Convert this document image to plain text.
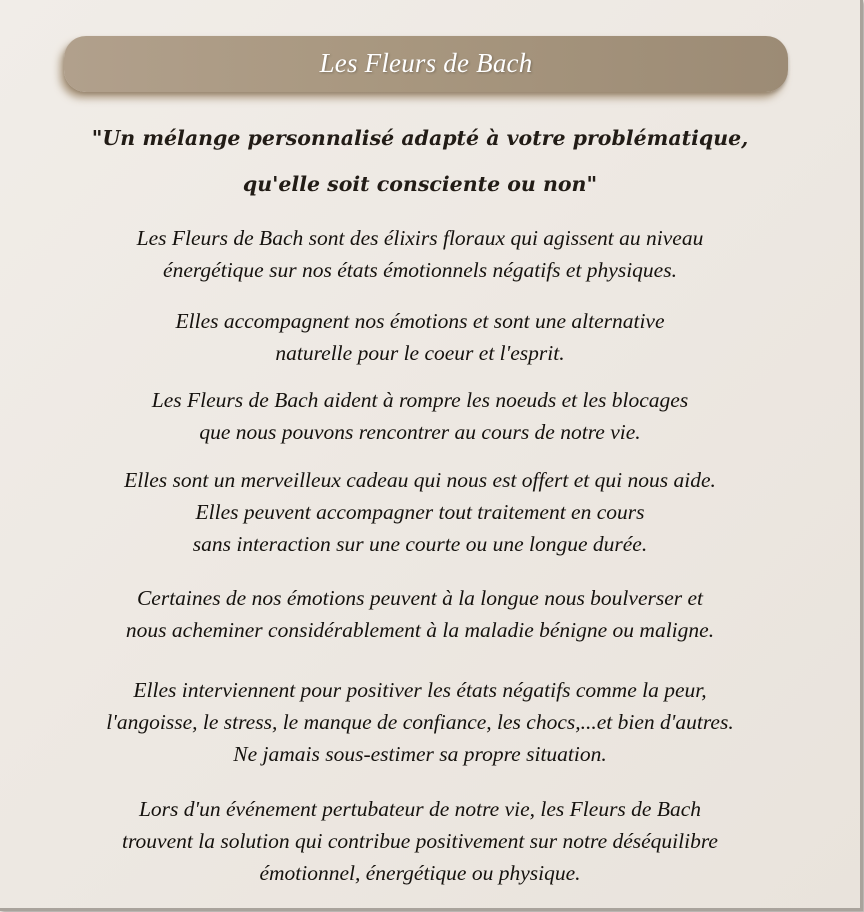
Les Fleurs de Bach
"Un mélange personnalisé adapté à votre problématique,
qu'elle soit consciente ou non"
Les Fleurs de Bach sont des élixirs floraux qui agissent au niveau
énergétique sur nos états émotionnels négatifs et physiques.
Elles accompagnent nos émotions et sont une alternative
naturelle pour le coeur et l'esprit.
Les Fleurs de Bach aident à rompre les noeuds et les blocages
que nous pouvons rencontrer au cours de notre vie.
Elles sont un merveilleux cadeau qui nous est offert et qui nous aide.
Elles peuvent accompagner tout traitement en cours
sans interaction sur une courte ou une longue durée.
Certaines de nos émotions peuvent à la longue nous boulverser et
nous acheminer considérablement à la maladie bénigne ou maligne.
Elles interviennent pour positiver les états négatifs comme la peur,
l'angoisse, le stress, le manque de confiance, les chocs,...et bien d'autres.
Ne jamais sous-estimer sa propre situation.
Lors d'un événement pertubateur de notre vie, les Fleurs de Bach
trouvent la solution qui contribue positivement sur notre déséquilibre
émotionnel, énergétique ou physique.
